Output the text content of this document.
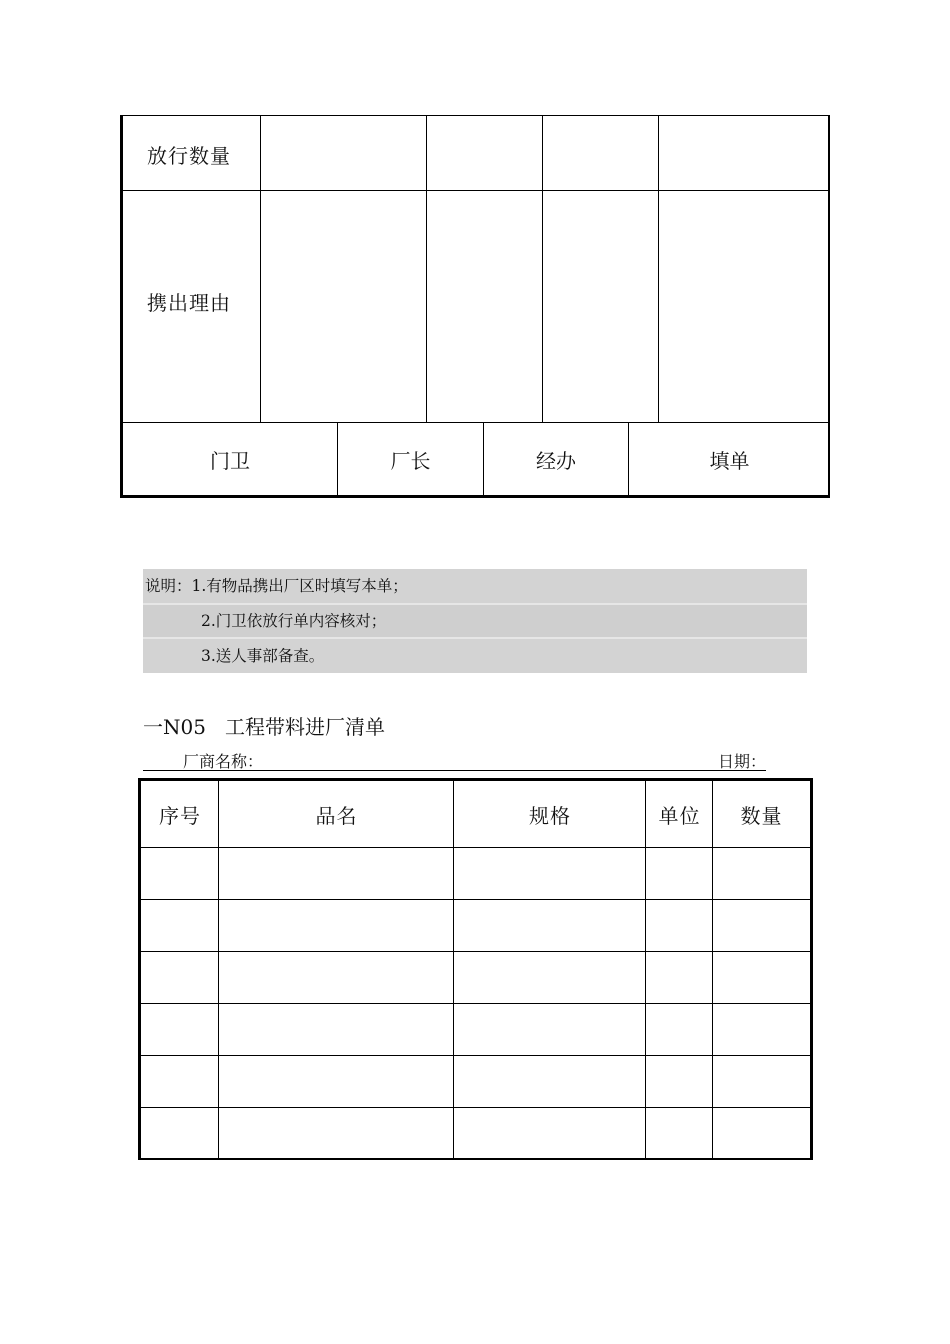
放行数量
携出理由
门卫	厂长	经办	填单
说明：1.有物品携出厂区时填写本单；
2.门卫依放行单内容核对；
3.送人事部备查。
一N05   工程带料进厂清单
厂商名称：	日期：
序号	品名	规格	单位	数量
